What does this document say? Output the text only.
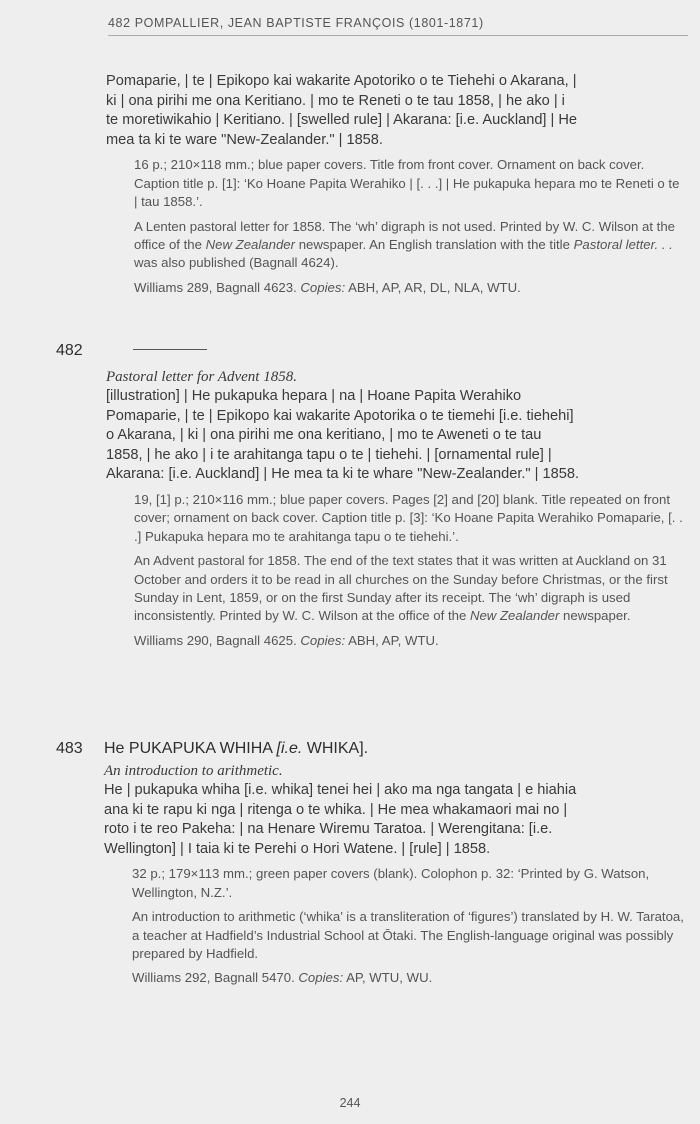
482 POMPALLIER, JEAN BAPTISTE FRANÇOIS (1801-1871)
Pomaparie, | te | Epikopo kai wakarite Apotoriko o te Tiehehi o Akarana, |
ki | ona pirihi me ona Keritiano. | mo te Reneti o te tau 1858, | he ako | i
te moretiwikahio | Keritiano. | [swelled rule] | Akarana: [i.e. Auckland] | He
mea ta ki te ware "New-Zealander." | 1858.
16 p.; 210×118 mm.; blue paper covers. Title from front cover. Ornament on back cover. Caption title p. [1]: ‘Ko Hoane Papita Werahiko | [. . .] | He pukapuka hepara mo te Reneti o te | tau 1858.’.
A Lenten pastoral letter for 1858. The ‘wh’ digraph is not used. Printed by W. C. Wilson at the office of the New Zealander newspaper. An English translation with the title Pastoral letter. . . was also published (Bagnall 4624).
Williams 289, Bagnall 4623. Copies: ABH, AP, AR, DL, NLA, WTU.
482
Pastoral letter for Advent 1858.
[illustration] | He pukapuka hepara | na | Hoane Papita Werahiko
Pomaparie, | te | Epikopo kai wakarite Apotorika o te tiemehi [i.e. tiehehi]
o Akarana, | ki | ona pirihi me ona keritiano, | mo te Aweneti o te tau
1858, | he ako | i te arahitanga tapu o te | tiehehi. | [ornamental rule] |
Akarana: [i.e. Auckland] | He mea ta ki te whare "New-Zealander." | 1858.
19, [1] p.; 210×116 mm.; blue paper covers. Pages [2] and [20] blank. Title repeated on front cover; ornament on back cover. Caption title p. [3]: ‘Ko Hoane Papita Werahiko Pomaparie, [. . .] Pukapuka hepara mo te arahitanga tapu o te tiehehi.’.
An Advent pastoral for 1858. The end of the text states that it was written at Auckland on 31 October and orders it to be read in all churches on the Sunday before Christmas, or the first Sunday in Lent, 1859, or on the first Sunday after its receipt. The ‘wh’ digraph is used inconsistently. Printed by W. C. Wilson at the office of the New Zealander newspaper.
Williams 290, Bagnall 4625. Copies: ABH, AP, WTU.
483 He PUKAPUKA WHIHA [i.e. WHIKA].
An introduction to arithmetic.
He | pukapuka whiha [i.e. whika] tenei hei | ako ma nga tangata | e hiahia
ana ki te rapu ki nga | ritenga o te whika. | He mea whakamaori mai no |
roto i te reo Pakeha: | na Henare Wiremu Taratoa. | Werengitana: [i.e.
Wellington] | I taia ki te Perehi o Hori Watene. | [rule] | 1858.
32 p.; 179×113 mm.; green paper covers (blank). Colophon p. 32: ‘Printed by G. Watson, Wellington, N.Z.’.
An introduction to arithmetic (‘whika’ is a transliteration of ‘figures’) translated by H. W. Taratoa, a teacher at Hadfield’s Industrial School at Ōtaki. The English-language original was possibly prepared by Hadfield.
Williams 292, Bagnall 5470. Copies: AP, WTU, WU.
244
